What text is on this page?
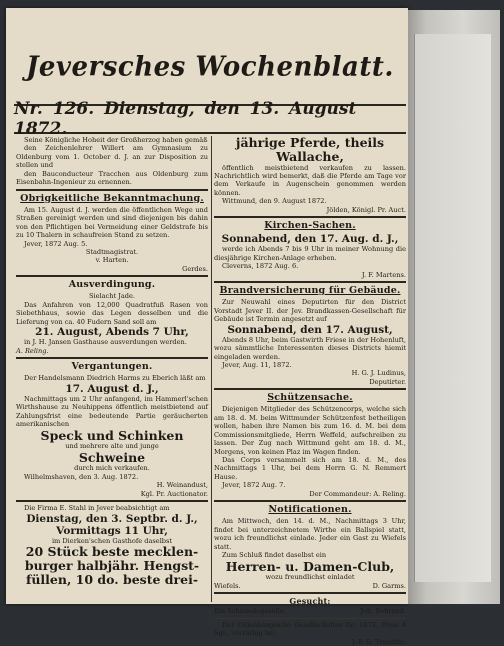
Jeversches Wochenblatt.
Nr. 126. Dienstag, den 13. August 1872.

Seine Königliche Hoheit der Großherzog haben gemäß

den Zeichenlehrer Willert am Gymnasium zu Oldenburg vom 1. October d. J. an zur Disposition zu stellen und

den Bauconducteur Tracchen aus Oldenburg zum Eisenbahn-Ingenieur zu ernennen.

Obrigkeitliche Bekanntmachung.

Am 15. August d. J. werden die öffentlichen Wege und Straßen gereinigt werden und sind diejenigen bis dahin von den Pflichtigen bei Vermeidung einer Geldstrafe bis zu 10 Thalern in schaufreien Stand zu setzen.

Jever, 1872 Aug. 5.

Stadtmagistrat.

v. Harten.

Gerdes.

Ausverdingung.

Sielacht Jade.

Das Anfahren von 12,000 Quadratfuß Rasen von Siebethhaus, sowie das Legen desselben und die Lieferung von ca. 40 Fudern Sand soll am

21. August, Abends 7 Uhr,

in J. H. Jansen Gasthause ausverdungen werden.

A. Reling.

Vergantungen.

Der Handelsmann Diedrich Harms zu Eberich läßt am

17. August d. J.,

Nachmittags um 2 Uhr anfangend, im Hammerl'schen Wirthshause zu Neuhippens öffentlich meistbietend auf Zahlungsfrist eine bedeutende Partie geräucherten amerikanischen

Speck und Schinken

und mehrere alte und junge

Schweine

durch mich verkaufen.

Wilhelmshaven, den 3. Aug. 1872.

H. Weinandust,

Kgl. Pr. Auctionator.

Die Firma E. Stahl in Jever beabsichtigt am

Dienstag, den 3. Septbr. d. J.,
Vormittags 11 Uhr,

im Dierken'schen Gasthofe daselbst

20 Stück beste mecklen-
burger halbjähr. Hengst-
füllen, 10 do. beste drei-
jährige Pferde, theils
Wallache,

öffentlich meistbietend verkaufen zu lassen. Nachrichtlich wird bemerkt, daß die Pferde am Tage vor dem Verkaufe in Augenschein genommen werden können.

Wittmund, den 9. August 1872.

Jölden, Königl. Pr. Auct.

Kirchen-Sachen.
Sonnabend, den 17. Aug. d. J.,

werde ich Abends 7 bis 9 Uhr in meiner Wohnung die diesjährige Kirchen-Anlage erheben.

Cleverns, 1872 Aug. 6.

J. F. Martens.

Brandversicherung für Gebäude.

Zur Neuwahl eines Deputirten für den District Vorstadt Jever II. der Jev. Brandkassen-Gesellschaft für Gebäude ist Termin angesetzt auf

Sonnabend, den 17. August,

Abends 8 Uhr, beim Gastwirth Friese in der Hohenluft, wozu sämmtliche Interessenten dieses Districts hiemit eingeladen werden.

Jever, Aug. 11, 1872.

H. G. J. Ludinus,

Deputirter.

Schützensache.

Diejenigen Mitglieder des Schützencorps, welche sich am 18. d. M. beim Wittmunder Schützenfest betheiligen wollen, haben ihre Namen bis zum 16. d. M. bei dem Commissionsmitgliede, Herrn Weffeld, aufschreiben zu lassen. Der Zug nach Wittmund geht am 18. d. M., Morgens, von keinen Plaz im Wagen finden.

Das Corps versammelt sich am 18. d. M., des Nachmittags 1 Uhr, bei dem Herrn G. N. Remmert Hause.

Jever, 1872 Aug. 7.

Der Commandeur: A. Reling.

Notificationen.

Am Mittwoch, den 14. d. M., Nachmittags 3 Uhr, findet bei unterzeichnetem Wirthe ein Ballspiel statt, wozu ich freundlichst einlade. Jeder ein Gast zu Wiefels statt.

Zum Schluß findet daselbst ein

Herren- u. Damen-Club,

wozu freundlichst einladet

Wiefels.	D. Garms.

Gesucht:

Ein Schmiedegeselle.	Joh. Behrend.

Der Oldenburgische Gesellschafter für 1873, Preis 4 Sgr., vorräthig bei

J. F. G. Trendtel.
